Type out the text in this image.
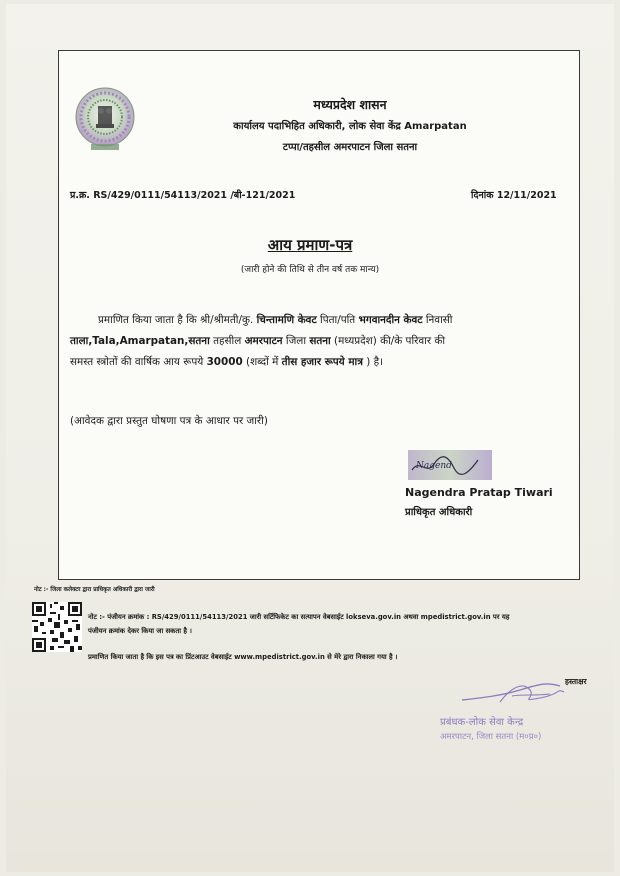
मध्यप्रदेश शासन
कार्यालय पदाभिहित अधिकारी, लोक सेवा केंद्र Amarpatan
टप्पा/तहसील अमरपाटन जिला सतना
प्र.क्र. RS/429/0111/54113/2021 /बी-121/2021	दिनांक 12/11/2021
आय प्रमाण-पत्र
(जारी होने की तिथि से तीन वर्ष तक मान्य)
प्रमाणित किया जाता है कि श्री/श्रीमती/कु. चिन्तामणि केवट पिता/पति भगवानदीन केवट निवासी
ताला,Tala,Amarpatan,सतना तहसील अमरपाटन जिला सतना (मध्यप्रदेश) की/के परिवार की
समस्त स्त्रोतों की वार्षिक आय रूपये 30000 (शब्दों में तीस हजार रूपये मात्र ) है।
(आवेदक द्वारा प्रस्तुत घोषणा पत्र के आधार पर जारी)
Nagend
Nagendra Pratap Tiwari
प्राधिकृत अधिकारी
नोट :- जिला कलेक्टर द्वारा प्राधिकृत अधिकारी द्वारा जारी
नोट :- पंजीयन क्रमांक : RS/429/0111/54113/2021 जारी सर्टिफिकेट का सत्यापन वेबसाईट lokseva.gov.in अथवा mpedistrict.gov.in पर यह
पंजीयन क्रमांक देकर किया जा सकता है ।
प्रमाणित किया जाता है कि इस पत्र का प्रिंटआउट वेबसाईट www.mpedistrict.gov.in से मेरे द्वारा निकाला गया है ।
हस्ताक्षर
प्रबंधक-लोक सेवा केन्द्र
अमरपाटन, जिला सतना (म०प्र०)
